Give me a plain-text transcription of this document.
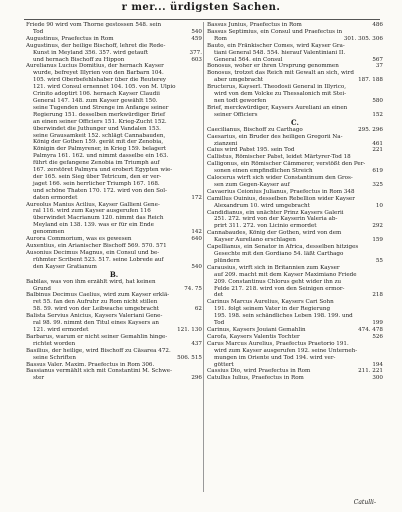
r mer... ürdigsten Sachen.
Friede 90 wird vom Thorne gestossen 548. sein
Tod	540
Augustinus, Praefectus in Rom	459
Augustinus, der heilige Bischoff, lehret die Rede-
Kunst in Meyland 356. 357. wird getauft	377.
und hernach Bischoff zu Hippon	603
Aurelianus Lucius Domitius, der hernach Kayser
wurde, befreyet Illyrien von den Barbarn 104.
105. wird Oberbefehlshaber über die Reuterey
121. wird Consul ernennet 104. 105. von M. Ulpio
Crinito adoptirt 106. hernach Kayser Claudii
General 147. 148. zum Kayser gewählt 150.
seine Tugenden und Strenge im Anfange seiner
Regierung 151. desselben merkwürdiger Brief
an einen seiner Officiers 151. Krieg-Zucht 152.
überwindet die Juthunger und Vandalen 153.
seine Grausamkeit 152. schlägt Cannabauden,
König der Gothen 159. gerät mit der Zenobia,
Königin der Palmyrener, in Krieg 159. belagert
Palmyra 161. 162. und nimmt dasselbe ein 163.
führt die gefangene Zenobia im Triumph auf
167. zerstöret Palmyra und erobert Egypten wie-
der 165. sein Sieg über Tetricum, den er ver-
jaget 166. sein herrlicher Triumph 167. 168.
und schöne Thaten 170. 172. wird von den Sol-
daten ermordet	172
Aureolus Manius Acilius, Kayser Gallieni Gene-
ral 116. wird zum Kayser ausgerufen 116
überwindet Macrianum 120. nimmt das Reich
Meyland ein 138. 139. was er für ein Ende
genommen	142
Aurora Commorium, was es gewesen	640
Auxentius, ein Arianischer Bischoff 569. 570. 571
Ausonius Decimus Magnus, ein Consul und be-
rühmter Scribent 523. 517. seine Lobrede auf
den Kayser Gratianum	540
B.
Babilas, was von ihm erzählt wird, hat keinen
Grund	74. 75
Balbinus Decimus Caelius, wird zum Kayser erklä-
ret 55. fan den Aufruhr zu Rom nicht stillen
58. 59. wird von der Leibwache umgebracht	62
Balista Servius Anicius, Kaysers Valeriani Gene-
ral 98. 99. nimmt den Titul eines Kaysers an
121. wird ermordet	121. 130
Barbarus, warum er nicht seiner Gemahlin hinge-
richtet worden	437
Basilius, der heilige, wird Bischoff zu Cäsarea 472.
seine Schriften	506. 515
Bassus Valer. Maxim. Praefectus in Rom 306.
Bassianus vermählt sich mit Constantini M. Schwe-
ster	296
Bassus Junius, Praefectus in Rom	486
Bassus Septimius, ein Consul und Praefectus in
Rom	301. 305. 306
Bauto, ein Fränkischer Comes, wird Kayser Gra-
tiani General 548. 554. hierauf Valentiniani II.
General 564. ein Consul	567
Bonosus, woher er ihren Ursprung genommen	37
Bonosus, trotzet das Reich mit Gewalt an sich, wird
aber umgebracht	187. 188
Bructerus, Kayserl. Theodosii General in Illyrico,
wird von dem Volcke zu Thessalonich mit Stei-
nen todt geworfen	580
Brief, merckwürdiger, Kaysers Aureliani an einen
seiner Officiers	152
C.
Caecilianus, Bischoff zu Carthago	295. 296
Caesarius, ein Bruder des heiligen Gregorii Na-
zianzeni	461
Caius wird Pabst 195. sein Tod	221
Callistus, Römischer Pabst, leidet Märtyrer-Tod 18
Calligonus, ein Römischer Cämmerer, verstößt den Per-
sonen einen empfindlichen Streich	619
Calocerus wirft sich wider Constantinum den Gros-
sen zum Gegen-Kayser auf	325
Cavaerius Ceionius Julianus, Praefectus in Rom 348
Camillus Ouinius, desselben Rebellion wider Kayser
Alexandrum 10. wird umgebracht	10
Candidianus, ein unächter Prinz Kaysers Galerii
251. 272. wird von der Kayserin Valeria ab-
prirt 311. 272. von Licinio ermordet	292
Cannabaudes, König der Gothen, wird von dem
Kayser Aureliano erschlagen	159
Capellianus, ein Senator in Africa, desselben hitziges
Gesechte mit den Gordiano 54. läßt Carthago
plündern	55
Carausius, wirft sich in Britannien zum Kayser
auf 209. macht mit dem Kayser Maximiano Friede
209. Constantinus Chlorus geht wider ihn zu
Felde 217. 218. wird von den Seinigen ermor-
det	218
Carinus Marcus Aurelius, Kaysers Cari Sohn
191. folgt seinem Vater in der Regierung
195. 198. sein schändliches Leben 198. 199. und
Tod	199
Carinus, Kaysers Jouiani Gemahlin	474. 478
Carofa, Kaysers Valentis Tochter	526
Carus Marcus Aurelius, Praefectus Praetorio 191.
wird zum Kayser ausgerufen 192. seine Unterneh-
mungen im Oriente und Tod 194. wird ver-
göttert	194
Cassius Dio, wird Praefectus in Rom	211. 221
Catullus Iulius, Praefectus in Rom	300
Catulli-
